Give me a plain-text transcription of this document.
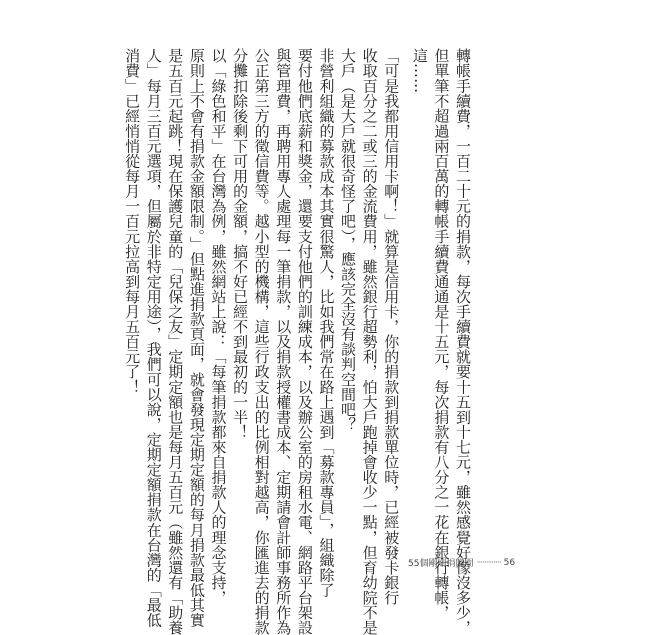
轉帳手續費，一百二十元的捐款，每次手續費就要十五到十七元，雖然感覺好像沒多少，
但單筆不超過兩百萬的轉帳手續費通通是十五元，每次捐款有八分之一花在銀行轉帳，
這……
「可是我都用信用卡啊！」就算是信用卡，你的捐款到捐款單位時，已經被發卡銀行
收取百分之二或三的金流費用，雖然銀行超勢利，怕大戶跑掉會收少一點，但育幼院不是
大戶（是大戶就很奇怪了吧），應該完全沒有談判空間吧？
非營利組織的募款成本其實很驚人，比如我們常在路上遇到「募款專員」，組織除了
要付他們底薪和獎金，還要支付他們的訓練成本，以及辦公室的房租水電、網路平台架設
與管理費，再聘用專人處理每一筆捐款，以及捐款授權書成本、定期請會計師事務所作為
公正第三方的徵信費等。越小型的機構，這些行政支出的比例相對越高，你匯進去的捐款
分攤扣除後剩下可用的金額，搞不好已經不到最初的一半！
以「綠色和平」在台灣為例，雖然網站上說：「每筆捐款都來自捐款人的理念支持，
原則上不會有捐款金額限制。」但點進捐款頁面，就會發現定期定額的每月捐款最低其實
是五百元起跳！現在保護兒童的「兒保之友」定期定額也是每月五百元（雖然還有「助養
人」每月三百元選項，但屬於非特定用途），我們可以說，定期定額捐款在台灣的「最低
消費」已經悄悄從每月一百元拉高到每月五百元了！
55個剛剛捐贈問 ············· 56
